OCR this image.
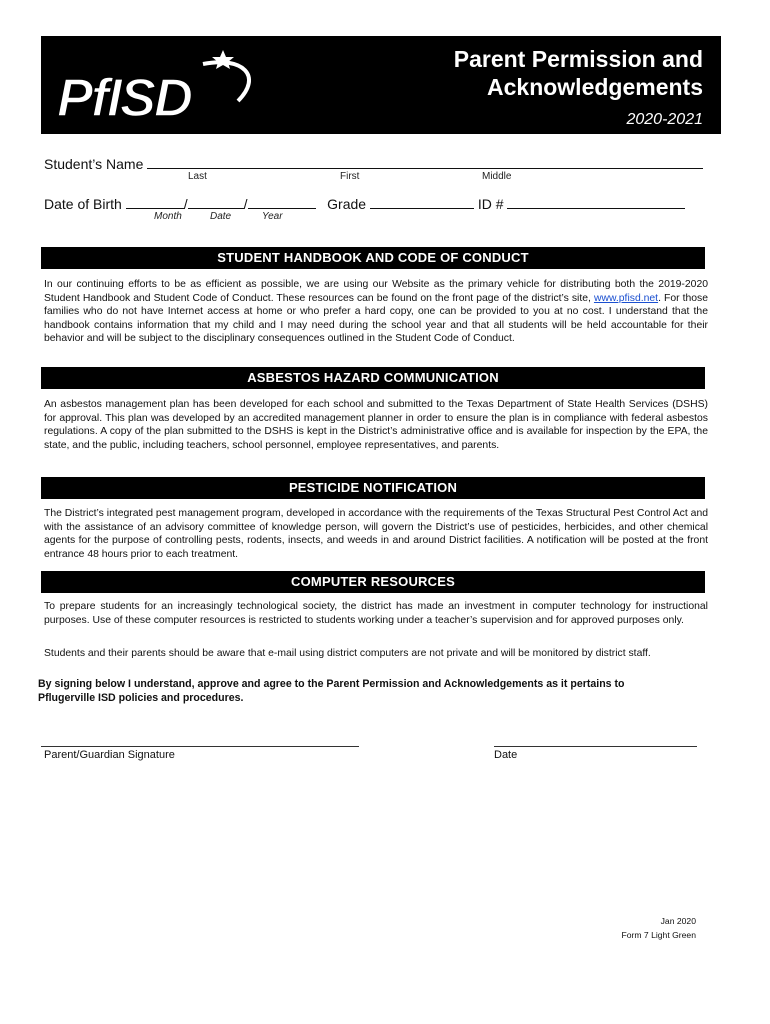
PfISD
Parent Permission and
Acknowledgements
2020-2021
Student’s Name
Last	First	Middle
Date of Birth	/	/	Grade	ID #
Month	Date	Year
STUDENT HANDBOOK AND CODE OF CONDUCT
In our continuing efforts to be as efficient as possible, we are using our Website as the primary vehicle for distributing both the 2019-2020 Student Handbook and Student Code of Conduct. These resources can be found on the front page of the district’s site, www.pfisd.net. For those families who do not have Internet access at home or who prefer a hard copy, one can be provided to you at no cost. I understand that the handbook contains information that my child and I may need during the school year and that all students will be held accountable for their behavior and will be subject to the disciplinary consequences outlined in the Student Code of Conduct.
ASBESTOS HAZARD COMMUNICATION
An asbestos management plan has been developed for each school and submitted to the Texas Department of State Health Services (DSHS) for approval. This plan was developed by an accredited management planner in order to ensure the plan is in compliance with federal asbestos regulations. A copy of the plan submitted to the DSHS is kept in the District’s administrative office and is available for inspection by the EPA, the state, and the public, including teachers, school personnel, employee representatives, and parents.
PESTICIDE NOTIFICATION
The District’s integrated pest management program, developed in accordance with the requirements of the Texas Structural Pest Control Act and with the assistance of an advisory committee of knowledge person, will govern the District’s use of pesticides, herbicides, and other chemical agents for the purpose of controlling pests, rodents, insects, and weeds in and around District facilities. A notification will be posted at the front entrance 48 hours prior to each treatment.
COMPUTER RESOURCES
To prepare students for an increasingly technological society, the district has made an investment in computer technology for instructional purposes. Use of these computer resources is restricted to students working under a teacher’s supervision and for approved purposes only.
Students and their parents should be aware that e-mail using district computers are not private and will be monitored by district staff.
By signing below I understand, approve and agree to the Parent Permission and Acknowledgements as it pertains to Pflugerville ISD policies and procedures.
Parent/Guardian Signature	Date
Jan 2020
Form 7 Light Green
